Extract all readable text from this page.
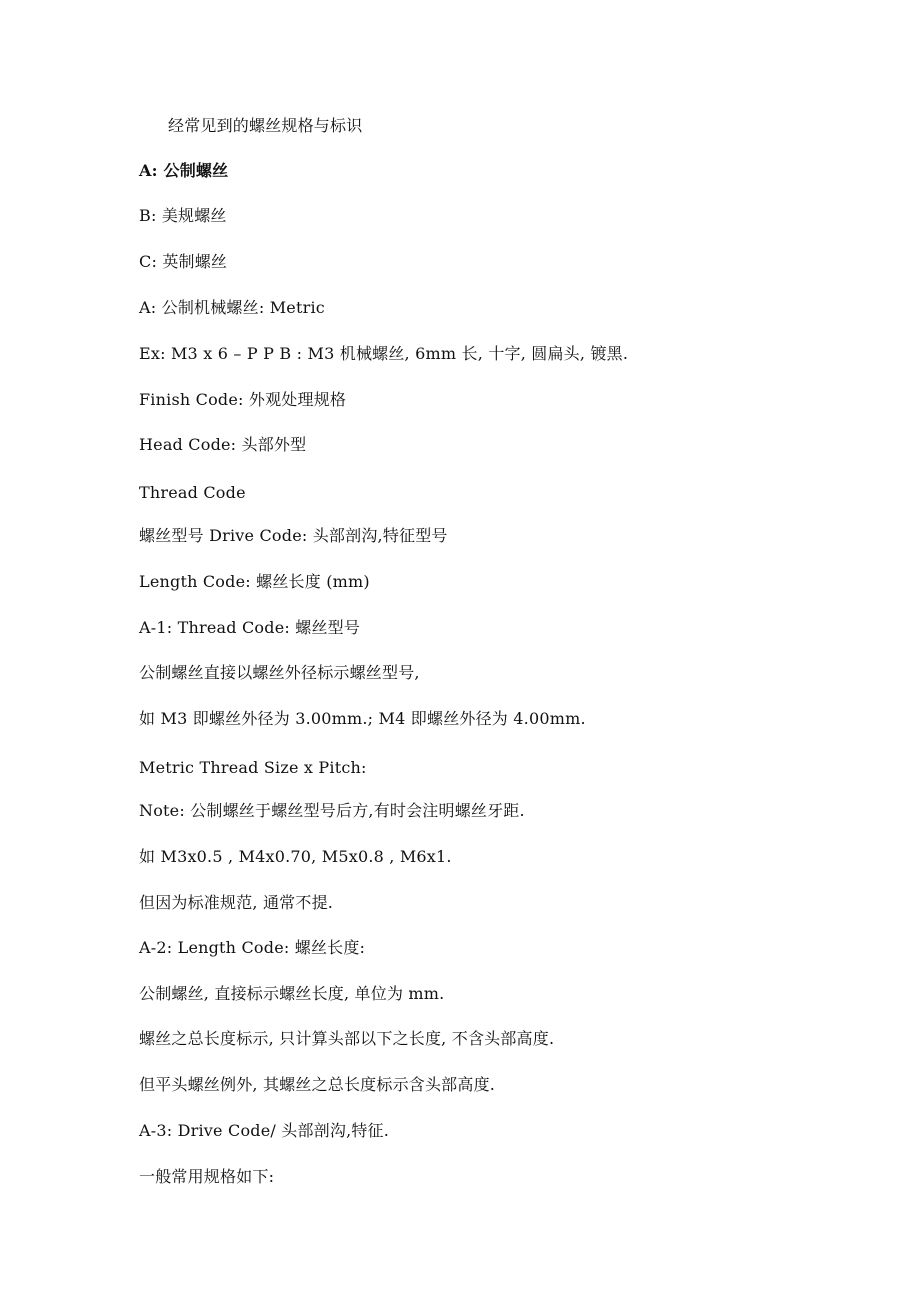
经常见到的螺丝规格与标识
A: 公制螺丝
B: 美规螺丝
C: 英制螺丝
A: 公制机械螺丝: Metric
Ex: M3 x 6 – P P B : M3 机械螺丝, 6mm 长, 十字, 圆扁头, 镀黑.
Finish Code: 外观处理规格
Head Code: 头部外型
Thread Code
螺丝型号 Drive Code: 头部剖沟,特征型号
Length Code: 螺丝长度 (mm)
A-1: Thread Code: 螺丝型号
公制螺丝直接以螺丝外径标示螺丝型号,
如 M3 即螺丝外径为 3.00mm.; M4 即螺丝外径为 4.00mm.
Metric Thread Size x Pitch:
Note: 公制螺丝于螺丝型号后方,有时会注明螺丝牙距.
如 M3x0.5 , M4x0.70, M5x0.8 , M6x1.
但因为标准规范, 通常不提.
A-2: Length Code: 螺丝长度:
公制螺丝, 直接标示螺丝长度, 单位为 mm.
螺丝之总长度标示, 只计算头部以下之长度, 不含头部高度.
但平头螺丝例外, 其螺丝之总长度标示含头部高度.
A-3: Drive Code/ 头部剖沟,特征.
一般常用规格如下:
